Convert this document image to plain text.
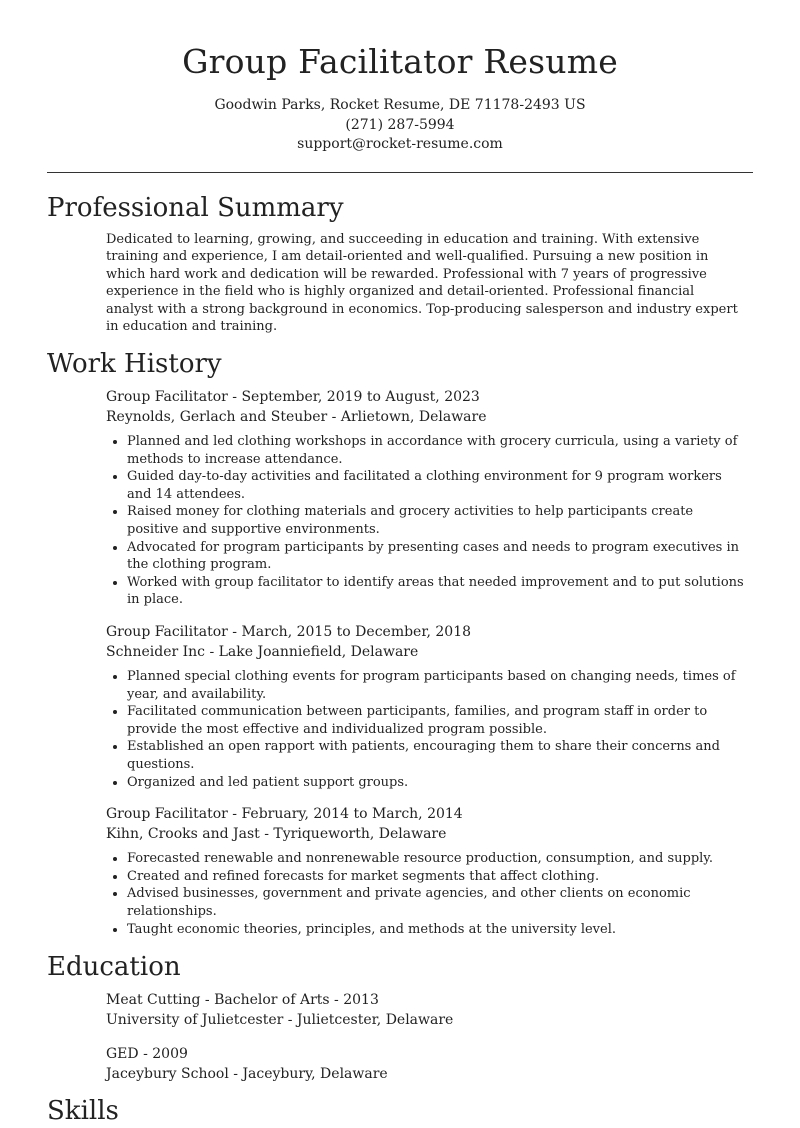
Group Facilitator Resume
Goodwin Parks, Rocket Resume, DE 71178-2493 US
(271) 287-5994
support@rocket-resume.com
Professional Summary
Dedicated to learning, growing, and succeeding in education and training. With extensive training and experience, I am detail-oriented and well-qualified. Pursuing a new position in which hard work and dedication will be rewarded. Professional with 7 years of progressive experience in the field who is highly organized and detail-oriented. Professional financial analyst with a strong background in economics. Top-producing salesperson and industry expert in education and training.
Work History
Group Facilitator - September, 2019 to August, 2023
Reynolds, Gerlach and Steuber - Arlietown, Delaware
• Planned and led clothing workshops in accordance with grocery curricula, using a variety of methods to increase attendance.
• Guided day-to-day activities and facilitated a clothing environment for 9 program workers and 14 attendees.
• Raised money for clothing materials and grocery activities to help participants create positive and supportive environments.
• Advocated for program participants by presenting cases and needs to program executives in the clothing program.
• Worked with group facilitator to identify areas that needed improvement and to put solutions in place.
Group Facilitator - March, 2015 to December, 2018
Schneider Inc - Lake Joanniefield, Delaware
• Planned special clothing events for program participants based on changing needs, times of year, and availability.
• Facilitated communication between participants, families, and program staff in order to provide the most effective and individualized program possible.
• Established an open rapport with patients, encouraging them to share their concerns and questions.
• Organized and led patient support groups.
Group Facilitator - February, 2014 to March, 2014
Kihn, Crooks and Jast - Tyriqueworth, Delaware
• Forecasted renewable and nonrenewable resource production, consumption, and supply.
• Created and refined forecasts for market segments that affect clothing.
• Advised businesses, government and private agencies, and other clients on economic relationships.
• Taught economic theories, principles, and methods at the university level.
Education
Meat Cutting - Bachelor of Arts - 2013
University of Julietcester - Julietcester, Delaware
GED - 2009
Jaceybury School - Jaceybury, Delaware
Skills
